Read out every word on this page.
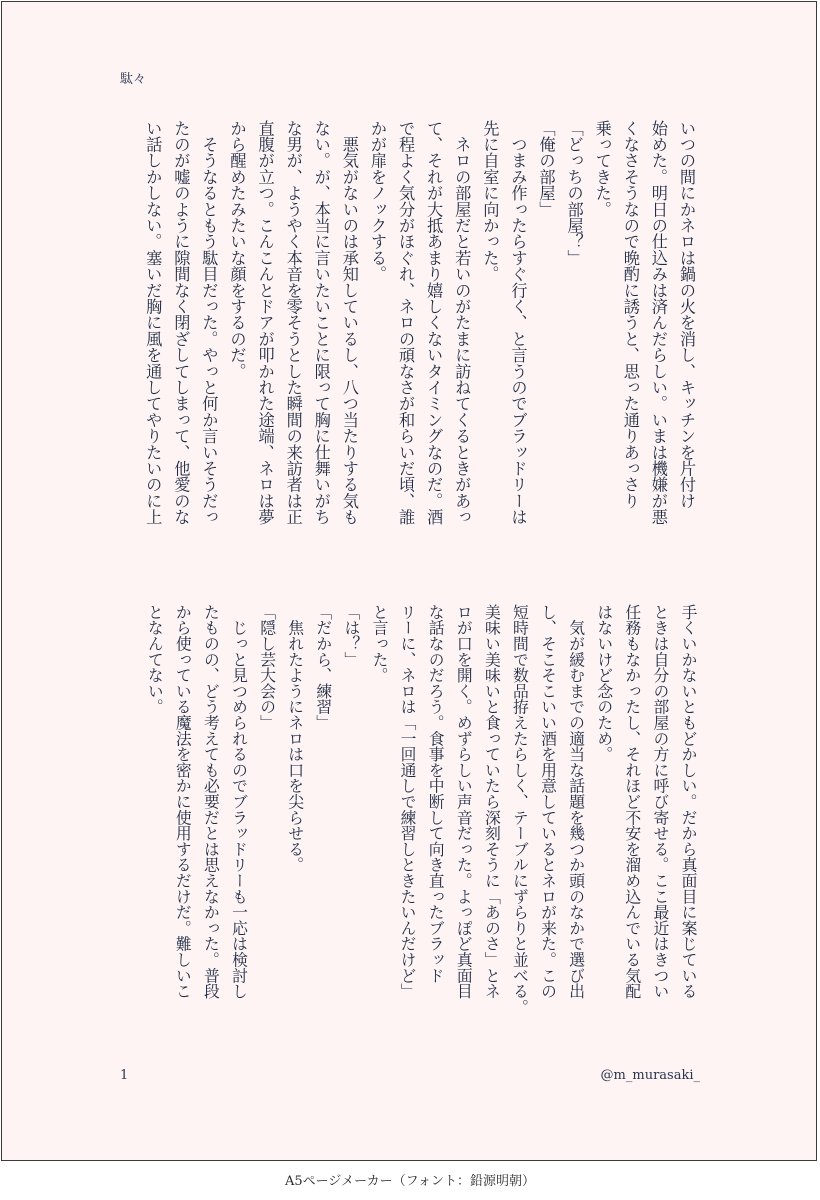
駄々
いつの間にかネロは鍋の火を消し、キッチンを片付け
始めた。明日の仕込みは済んだらしい。いまは機嫌が悪
くなさそうなので晩酌に誘うと、思った通りあっさり
乗ってきた。
「どっちの部屋？」
「俺の部屋」
　つまみ作ったらすぐ行く、と言うのでブラッドリーは
先に自室に向かった。
　ネロの部屋だと若いのがたまに訪ねてくるときがあっ
て、それが大抵あまり嬉しくないタイミングなのだ。酒
で程よく気分がほぐれ、ネロの頑なさが和らいだ頃、誰
かが扉をノックする。
　悪気がないのは承知しているし、八つ当たりする気も
ない。が、本当に言いたいことに限って胸に仕舞いがち
な男が、ようやく本音を零そうとした瞬間の来訪者は正
直腹が立つ。こんこんとドアが叩かれた途端、ネロは夢
から醒めたみたいな顔をするのだ。
　そうなるともう駄目だった。やっと何か言いそうだっ
たのが嘘のように隙間なく閉ざしてしまって、他愛のな
い話しかしない。塞いだ胸に風を通してやりたいのに上
手くいかないともどかしい。だから真面目に案じている
ときは自分の部屋の方に呼び寄せる。ここ最近はきつい
任務もなかったし、それほど不安を溜め込んでいる気配
はないけど念のため。
　気が緩むまでの適当な話題を幾つか頭のなかで選び出
し、そこそこいい酒を用意しているとネロが来た。この
短時間で数品拵えたらしく、テーブルにずらりと並べる。
美味い美味いと食っていたら深刻そうに「あのさ」とネ
ロが口を開く。めずらしい声音だった。よっぽど真面目
な話なのだろう。食事を中断して向き直ったブラッド
リーに、ネロは「一回通しで練習しときたいんだけど」
と言った。
「は？」
「だから、練習」
　焦れたようにネロは口を尖らせる。
「隠し芸大会の」
　じっと見つめられるのでブラッドリーも一応は検討し
たものの、どう考えても必要だとは思えなかった。普段
から使っている魔法を密かに使用するだけだ。難しいこ
となんてない。
1	@m_murasaki_
A5ページメーカー（フォント：鉛源明朝）
